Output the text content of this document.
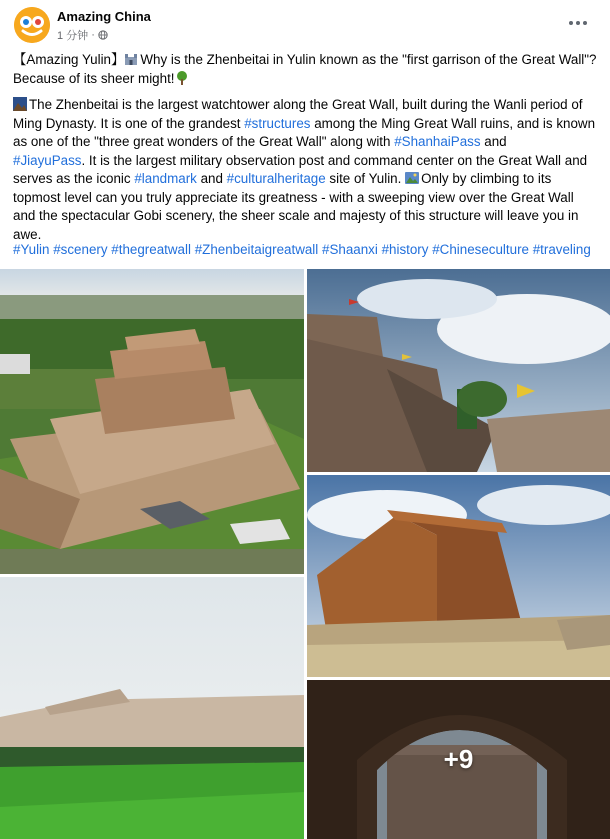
Amazing China
1 分钟 ·
【Amazing Yulin】 Why is the Zhenbeitai in Yulin known as the "first garrison of the Great Wall"? Because of its sheer might!
The Zhenbeitai is the largest watchtower along the Great Wall, built during the Wanli period of Ming Dynasty. It is one of the grandest #structures among the Ming Great Wall ruins, and is known as one of the "three great wonders of the Great Wall" along with #ShanhaiPass and
#JiayuPass. It is the largest military observation post and command center on the Great Wall and serves as the iconic #landmark and #culturalheritage site of Yulin. Only by climbing to its topmost level can you truly appreciate its greatness - with a sweeping view over the Great Wall and the spectacular Gobi scenery, the sheer scale and majesty of this structure will leave you in awe.
#Yulin #scenery #thegreatwall #Zhenbeitaigreatwall #Shaanxi #history #Chineseculture #traveling
+9
